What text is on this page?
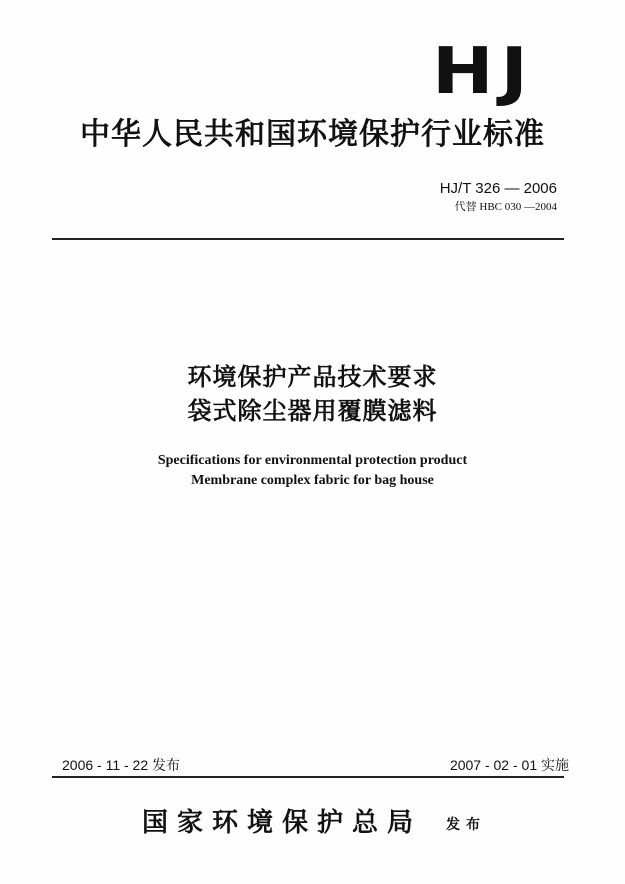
HJ
中华人民共和国环境保护行业标准
HJ/T 326 — 2006
代替 HBC 030 —2004
环境保护产品技术要求
袋式除尘器用覆膜滤料
Specifications for environmental protection product
Membrane complex fabric for bag house
2006 - 11 - 22 发布	2007 - 02 - 01 实施
国家环境保护总局 发布
